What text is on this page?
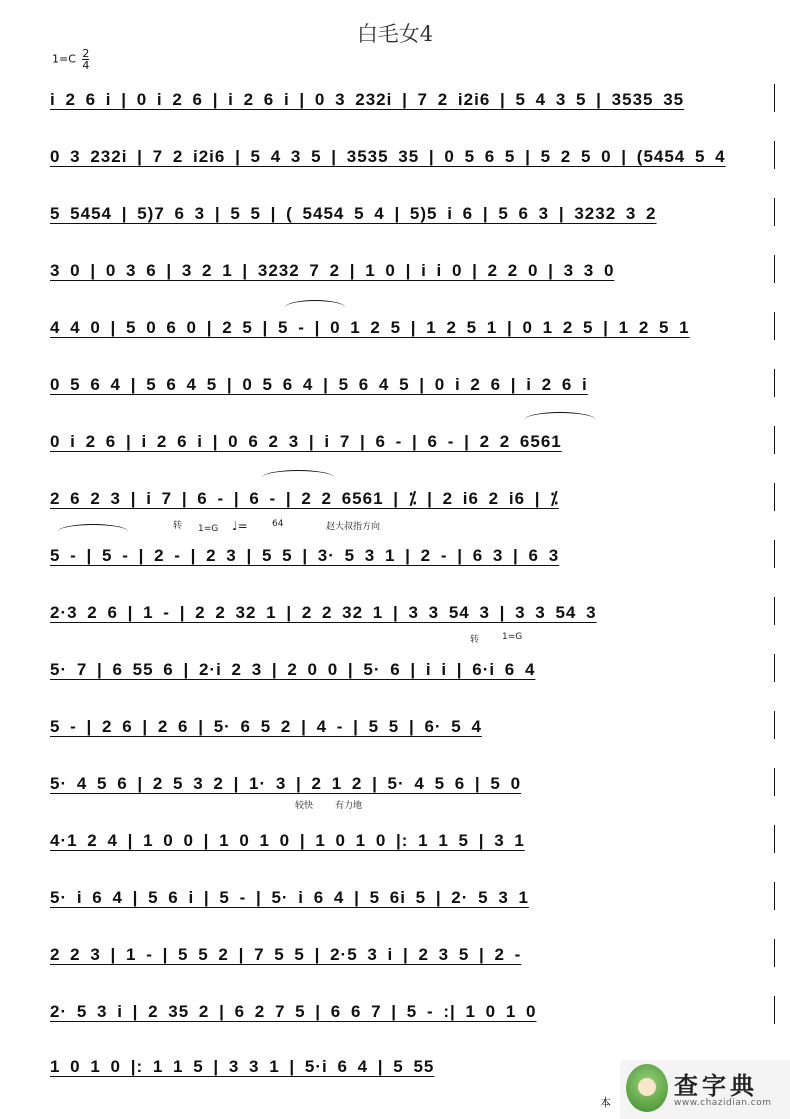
白毛女4
$1=C \frac{2}{4}$
i 2 6 i | 0 i 2 6 | i 2 6 i | 0 3 232i | 7 2 i2i6 | 5 4 3 5 | 3535 35
0 3 232i | 7 2 i2i6 | 5 4 3 5 | 3535 35 | 0 5 6 5 | 5 2 5 0 | (5454 5 4
5 5454 | 5)7 6 3 | 5 5 | ( 5454 5 4 | 5)5 i 6 | 5 6 3 | 3232 3 2
3 0 | 0 3 6 | 3 2 1 | 3232 7 2 | 1 0 | i i 0 | 2 2 0 | 3 3 0
4 4 0 | 5 0 6 0 | 2 5 | 5 - | 0 1 2 5 | 1 2 5 1 | 0 1 2 5 | 1 2 5 1
0 5 6 4 | 5 6 4 5 | 0 5 6 4 | 5 6 4 5 | 0 i 2 6 | i 2 6 i
0 i 2 6 | i 2 6 i | 0 6 2 3 | i 7 | 6 - | 6 - | 2 2 6561
2 6 2 3 | i 7 | 6 - | 6 - | 2 2 6561 | ⁒ | 2 i6 2 i6 | ⁒
5 - | 5 - | 2 - | 2 3 | 5 5 | 3· 5 3 1 | 2 - | 6 3 | 6 3
2·3 2 6 | 1 - | 2 2 32 1 | 2 2 32 1 | 3 3 54 3 | 3 3 54 3
5· 7 | 6 55 6 | 2·i 2 3 | 2 0 0 | 5· 6 | i i | 6·i 6 4
5 - | 2 6 | 2 6 | 5· 6 5 2 | 4 - | 5 5 | 6· 5 4
5· 4 5 6 | 2 5 3 2 | 1· 3 | 2 1 2 | 5· 4 5 6 | 5 0
4·1 2 4 | 1 0 0 | 1 0 1 0 | 1 0 1 0 |: 1 1 5 | 3 1
5· i 6 4 | 5 6 i | 5 - | 5· i 6 4 | 5 6i 5 | 2· 5 3 1
2 2 3 | 1 - | 5 5 2 | 7 5 5 | 2·5 3 i | 2 3 5 | 2 -
2· 5 3 i | 2 35 2 | 6 2 7 5 | 6 6 7 | 5 - :| 1 0 1 0
1 0 1 0 |: 1 1 5 | 3 3 1 | 5·i 6 4 | 5 55
转 1=G ♩=	64	赵大叔指方向
转	1=G
较快 有力地
本
查字典
www.chazidian.com
